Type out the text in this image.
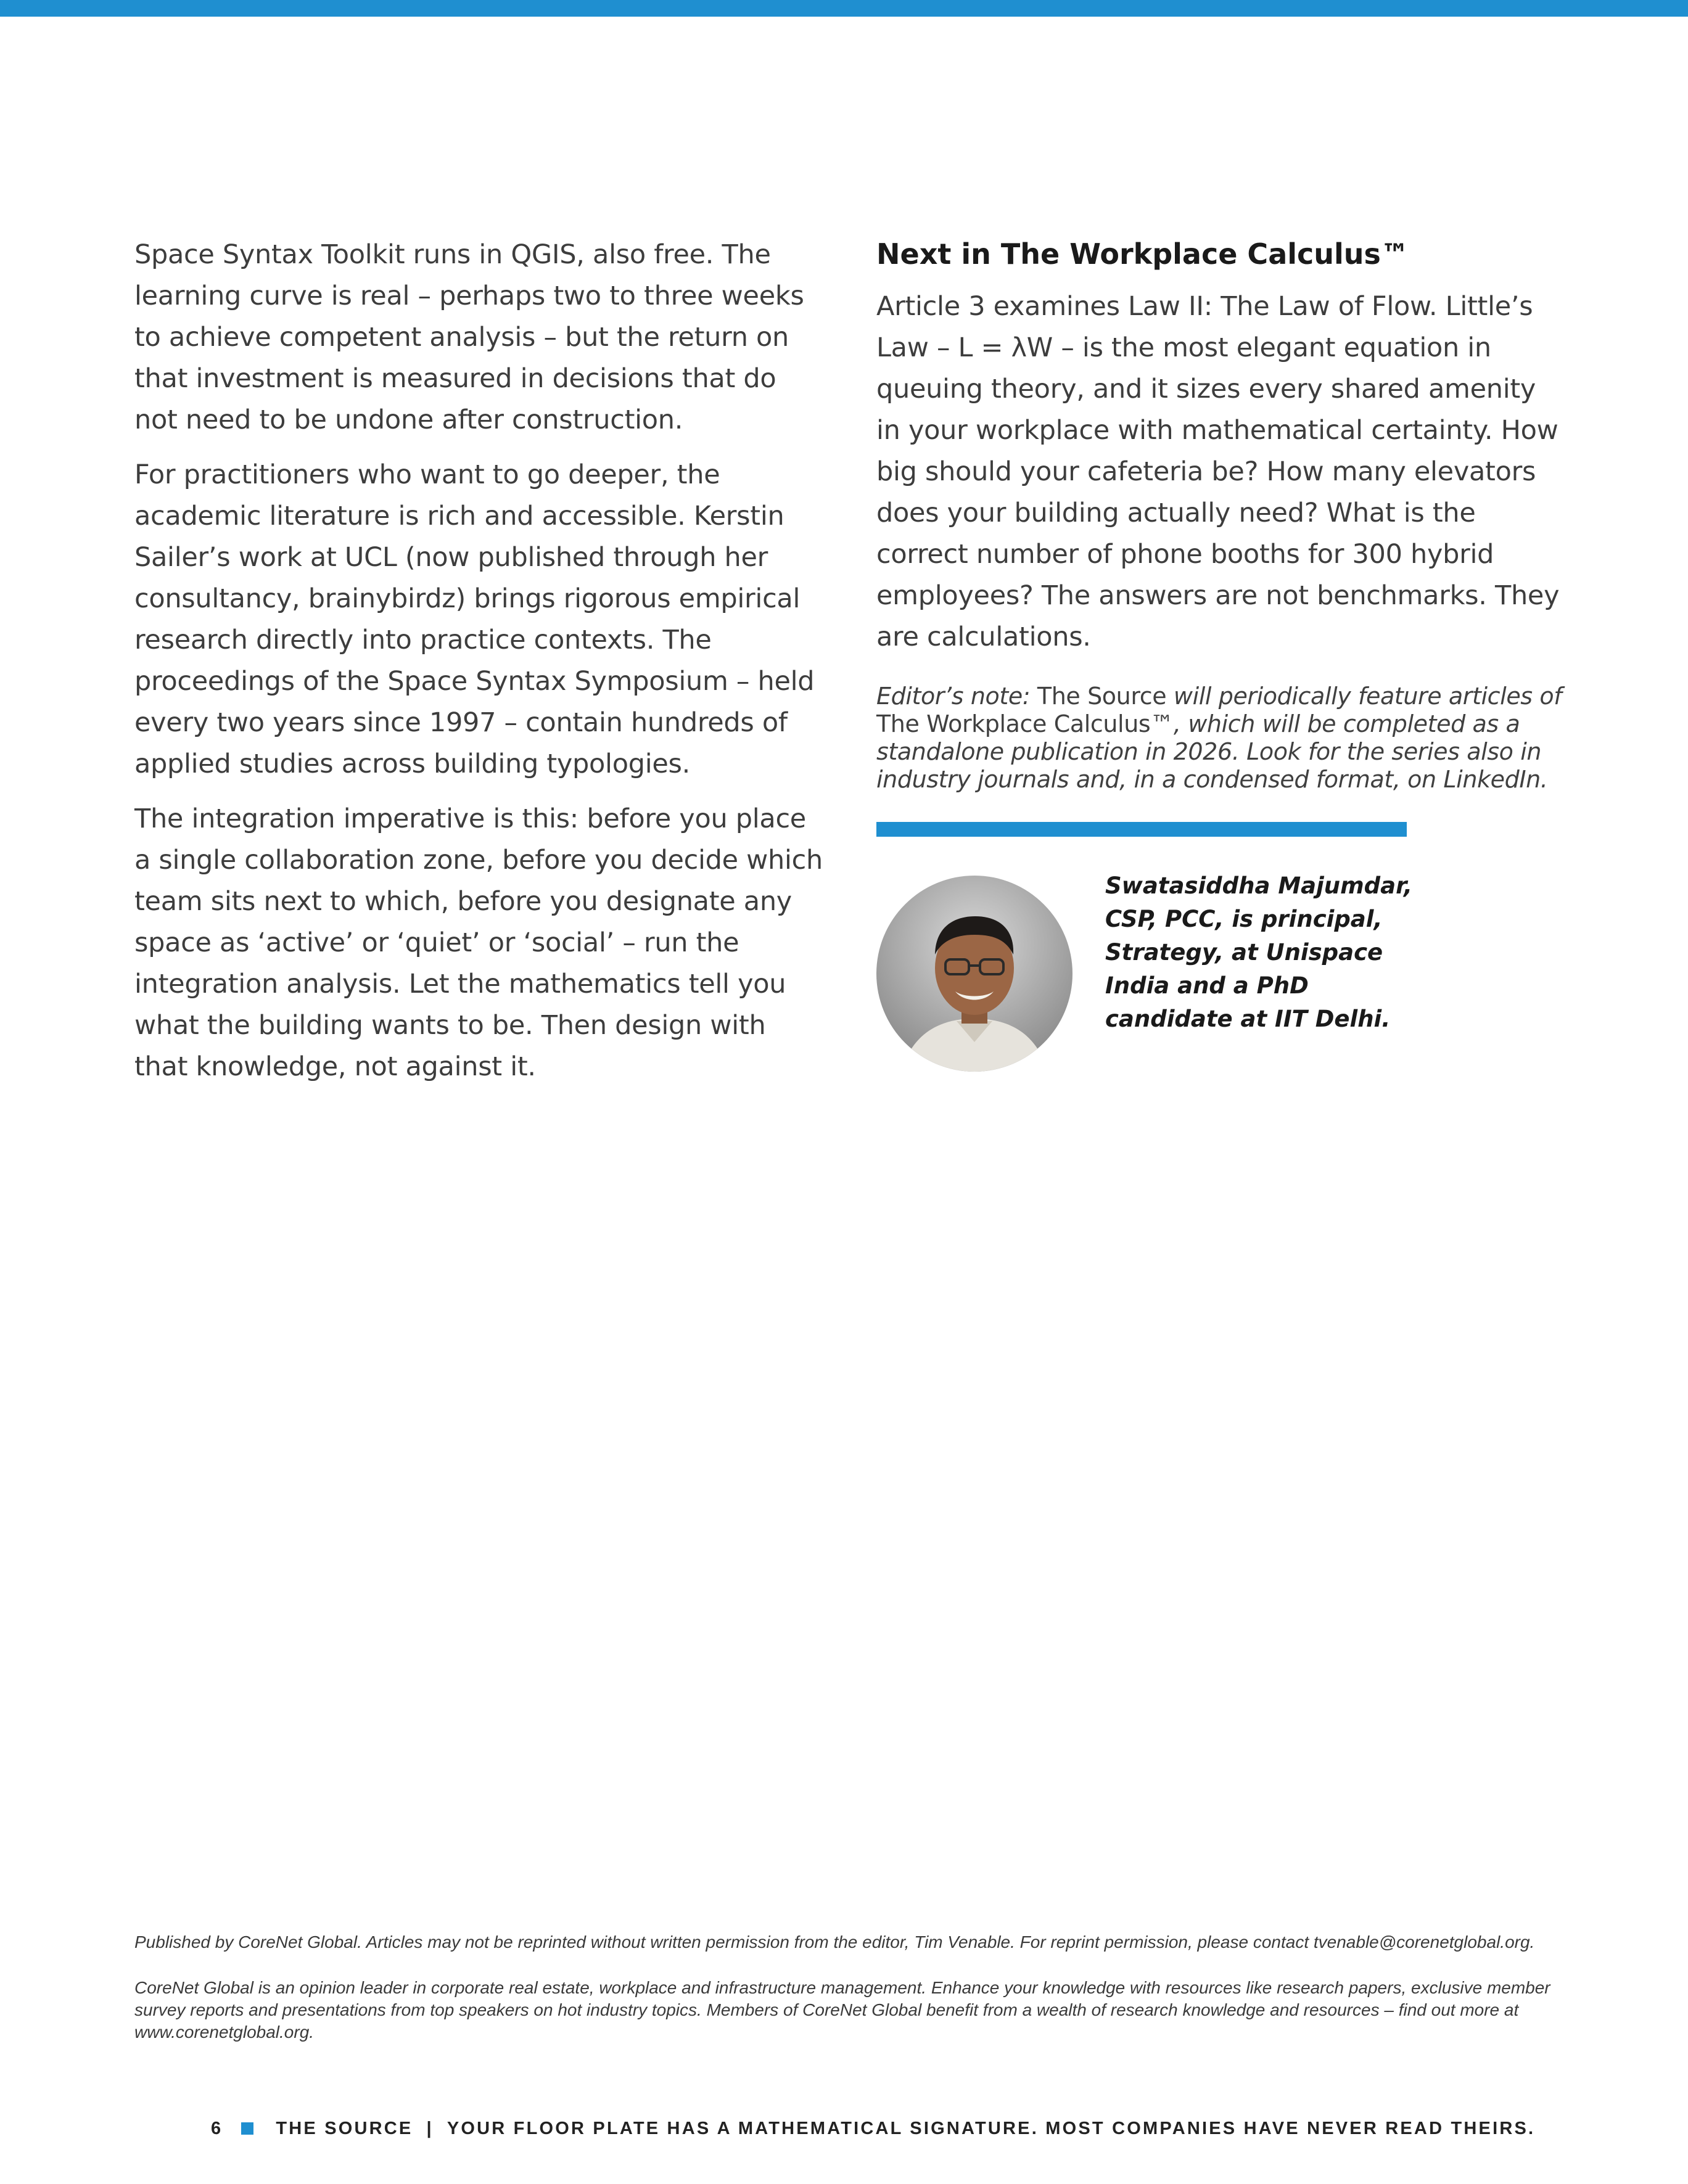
Space Syntax Toolkit runs in QGIS, also free. The learning curve is real – perhaps two to three weeks to achieve competent analysis – but the return on that investment is measured in decisions that do not need to be undone after construction.

For practitioners who want to go deeper, the academic literature is rich and accessible. Kerstin Sailer’s work at UCL (now published through her consultancy, brainybirdz) brings rigorous empirical research directly into practice contexts. The proceedings of the Space Syntax Symposium – held every two years since 1997 – contain hundreds of applied studies across building typologies.

The integration imperative is this: before you place a single collaboration zone, before you decide which team sits next to which, before you designate any space as ‘active’ or ‘quiet’ or ‘social’ – run the integration analysis. Let the mathematics tell you what the building wants to be. Then design with that knowledge, not against it.

Next in The Workplace Calculus™

Article 3 examines Law II: The Law of Flow. Little’s Law – L = λW – is the most elegant equation in queuing theory, and it sizes every shared amenity in your workplace with mathematical certainty. How big should your cafeteria be? How many elevators does your building actually need? What is the correct number of phone booths for 300 hybrid employees? The answers are not benchmarks. They are calculations.

Editor’s note: The Source will periodically feature articles of The Workplace Calculus™, which will be completed as a standalone publication in 2026. Look for the series also in industry journals and, in a condensed format, on LinkedIn.

Swatasiddha Majumdar, CSP, PCC, is principal, Strategy, at Unispace India and a PhD candidate at IIT Delhi.

Published by CoreNet Global. Articles may not be reprinted without written permission from the editor, Tim Venable. For reprint permission, please contact tvenable@corenetglobal.org.

CoreNet Global is an opinion leader in corporate real estate, workplace and infrastructure management. Enhance your knowledge with resources like research papers, exclusive member survey reports and presentations from top speakers on hot industry topics. Members of CoreNet Global benefit from a wealth of research knowledge and resources – find out more at www.corenetglobal.org.

6	THE SOURCE | YOUR FLOOR PLATE HAS A MATHEMATICAL SIGNATURE. MOST COMPANIES HAVE NEVER READ THEIRS.
